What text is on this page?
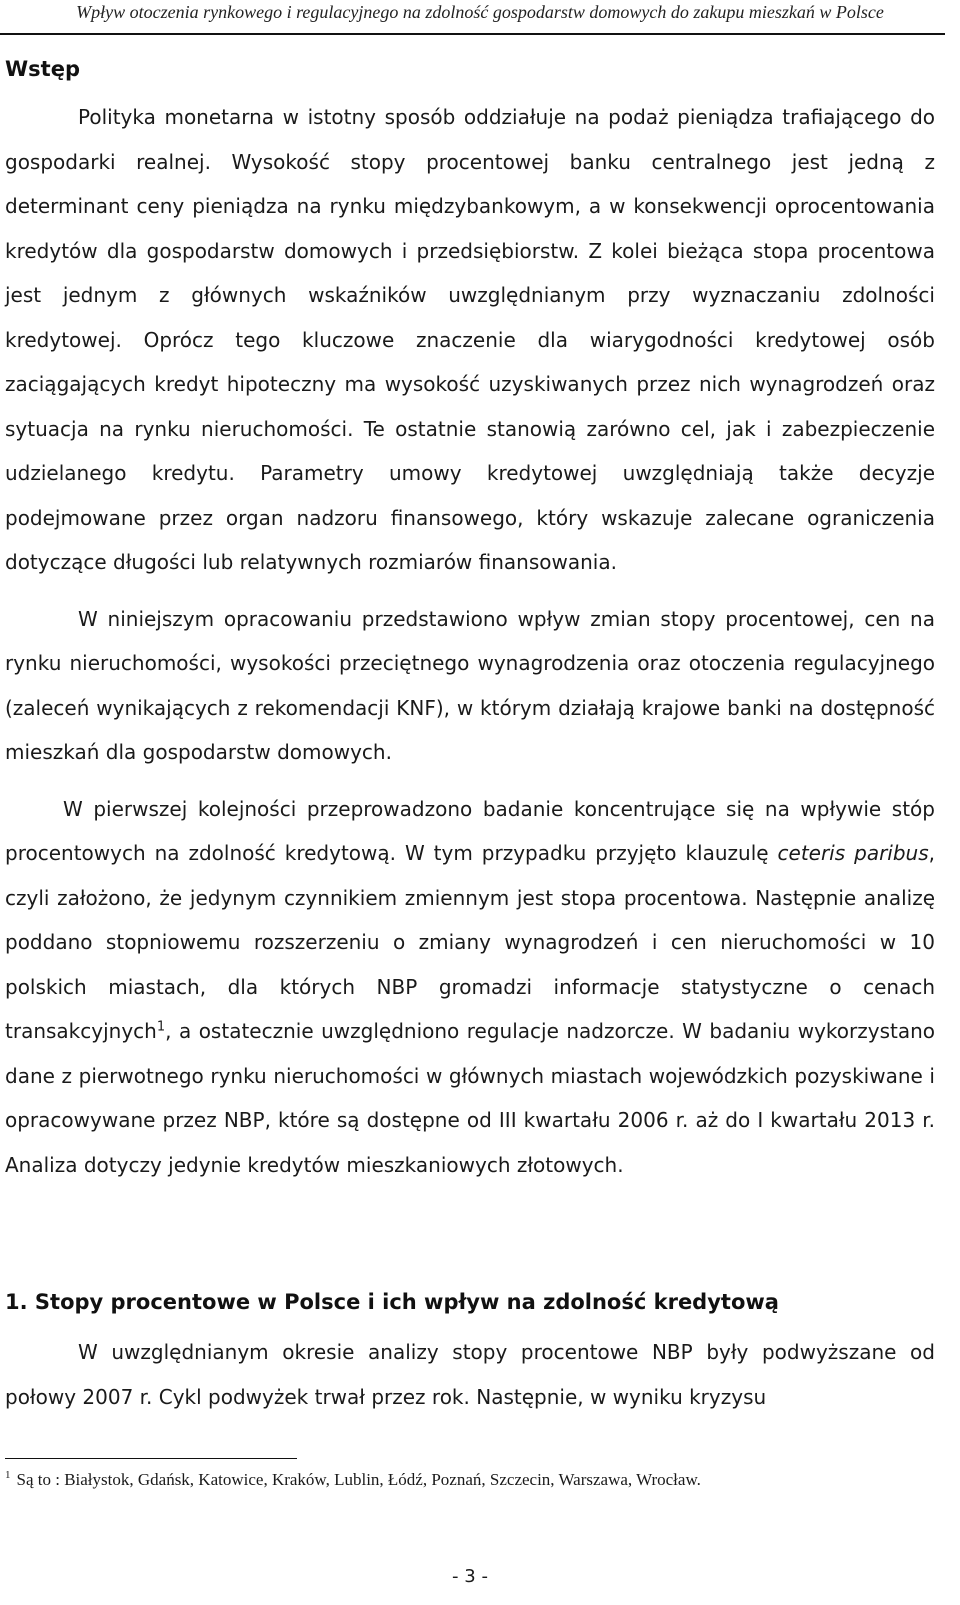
Wpływ otoczenia rynkowego i regulacyjnego na zdolność gospodarstw domowych do zakupu mieszkań w Polsce
Wstęp

Polityka monetarna w istotny sposób oddziałuje na podaż pieniądza trafiającego do gospodarki realnej. Wysokość stopy procentowej banku centralnego jest jedną z determinant ceny pieniądza na rynku międzybankowym, a w konsekwencji oprocentowania kredytów dla gospodarstw domowych i przedsiębiorstw. Z kolei bieżąca stopa procentowa jest jednym z głównych wskaźników uwzględnianym przy wyznaczaniu zdolności kredytowej. Oprócz tego kluczowe znaczenie dla wiarygodności kredytowej osób zaciągających kredyt hipoteczny ma wysokość uzyskiwanych przez nich wynagrodzeń oraz sytuacja na rynku nieruchomości. Te ostatnie stanowią zarówno cel, jak i zabezpieczenie udzielanego kredytu. Parametry umowy kredytowej uwzględniają także decyzje podejmowane przez organ nadzoru finansowego, który wskazuje zalecane ograniczenia dotyczące długości lub relatywnych rozmiarów finansowania.

W niniejszym opracowaniu przedstawiono wpływ zmian stopy procentowej, cen na rynku nieruchomości, wysokości przeciętnego wynagrodzenia oraz otoczenia regulacyjnego (zaleceń wynikających z rekomendacji KNF), w którym działają krajowe banki na dostępność mieszkań dla gospodarstw domowych.

W pierwszej kolejności przeprowadzono badanie koncentrujące się na wpływie stóp procentowych na zdolność kredytową. W tym przypadku przyjęto klauzulę ceteris paribus, czyli założono, że jedynym czynnikiem zmiennym jest stopa procentowa. Następnie analizę poddano stopniowemu rozszerzeniu o zmiany wynagrodzeń i cen nieruchomości w 10 polskich miastach, dla których NBP gromadzi informacje statystyczne o cenach transakcyjnych$^1$, a ostatecznie uwzględniono regulacje nadzorcze. W badaniu wykorzystano dane z pierwotnego rynku nieruchomości w głównych miastach wojewódzkich pozyskiwane i opracowywane przez NBP, które są dostępne od III kwartału 2006 r. aż do I kwartału 2013 r. Analiza dotyczy jedynie kredytów mieszkaniowych złotowych.

1. Stopy procentowe w Polsce i ich wpływ na zdolność kredytową

W uwzględnianym okresie analizy stopy procentowe NBP były podwyższane od połowy 2007 r. Cykl podwyżek trwał przez rok. Następnie, w wyniku kryzysu

$^1$ Są to : Białystok, Gdańsk, Katowice, Kraków, Lublin, Łódź, Poznań, Szczecin, Warszawa, Wrocław.
- 3 -
